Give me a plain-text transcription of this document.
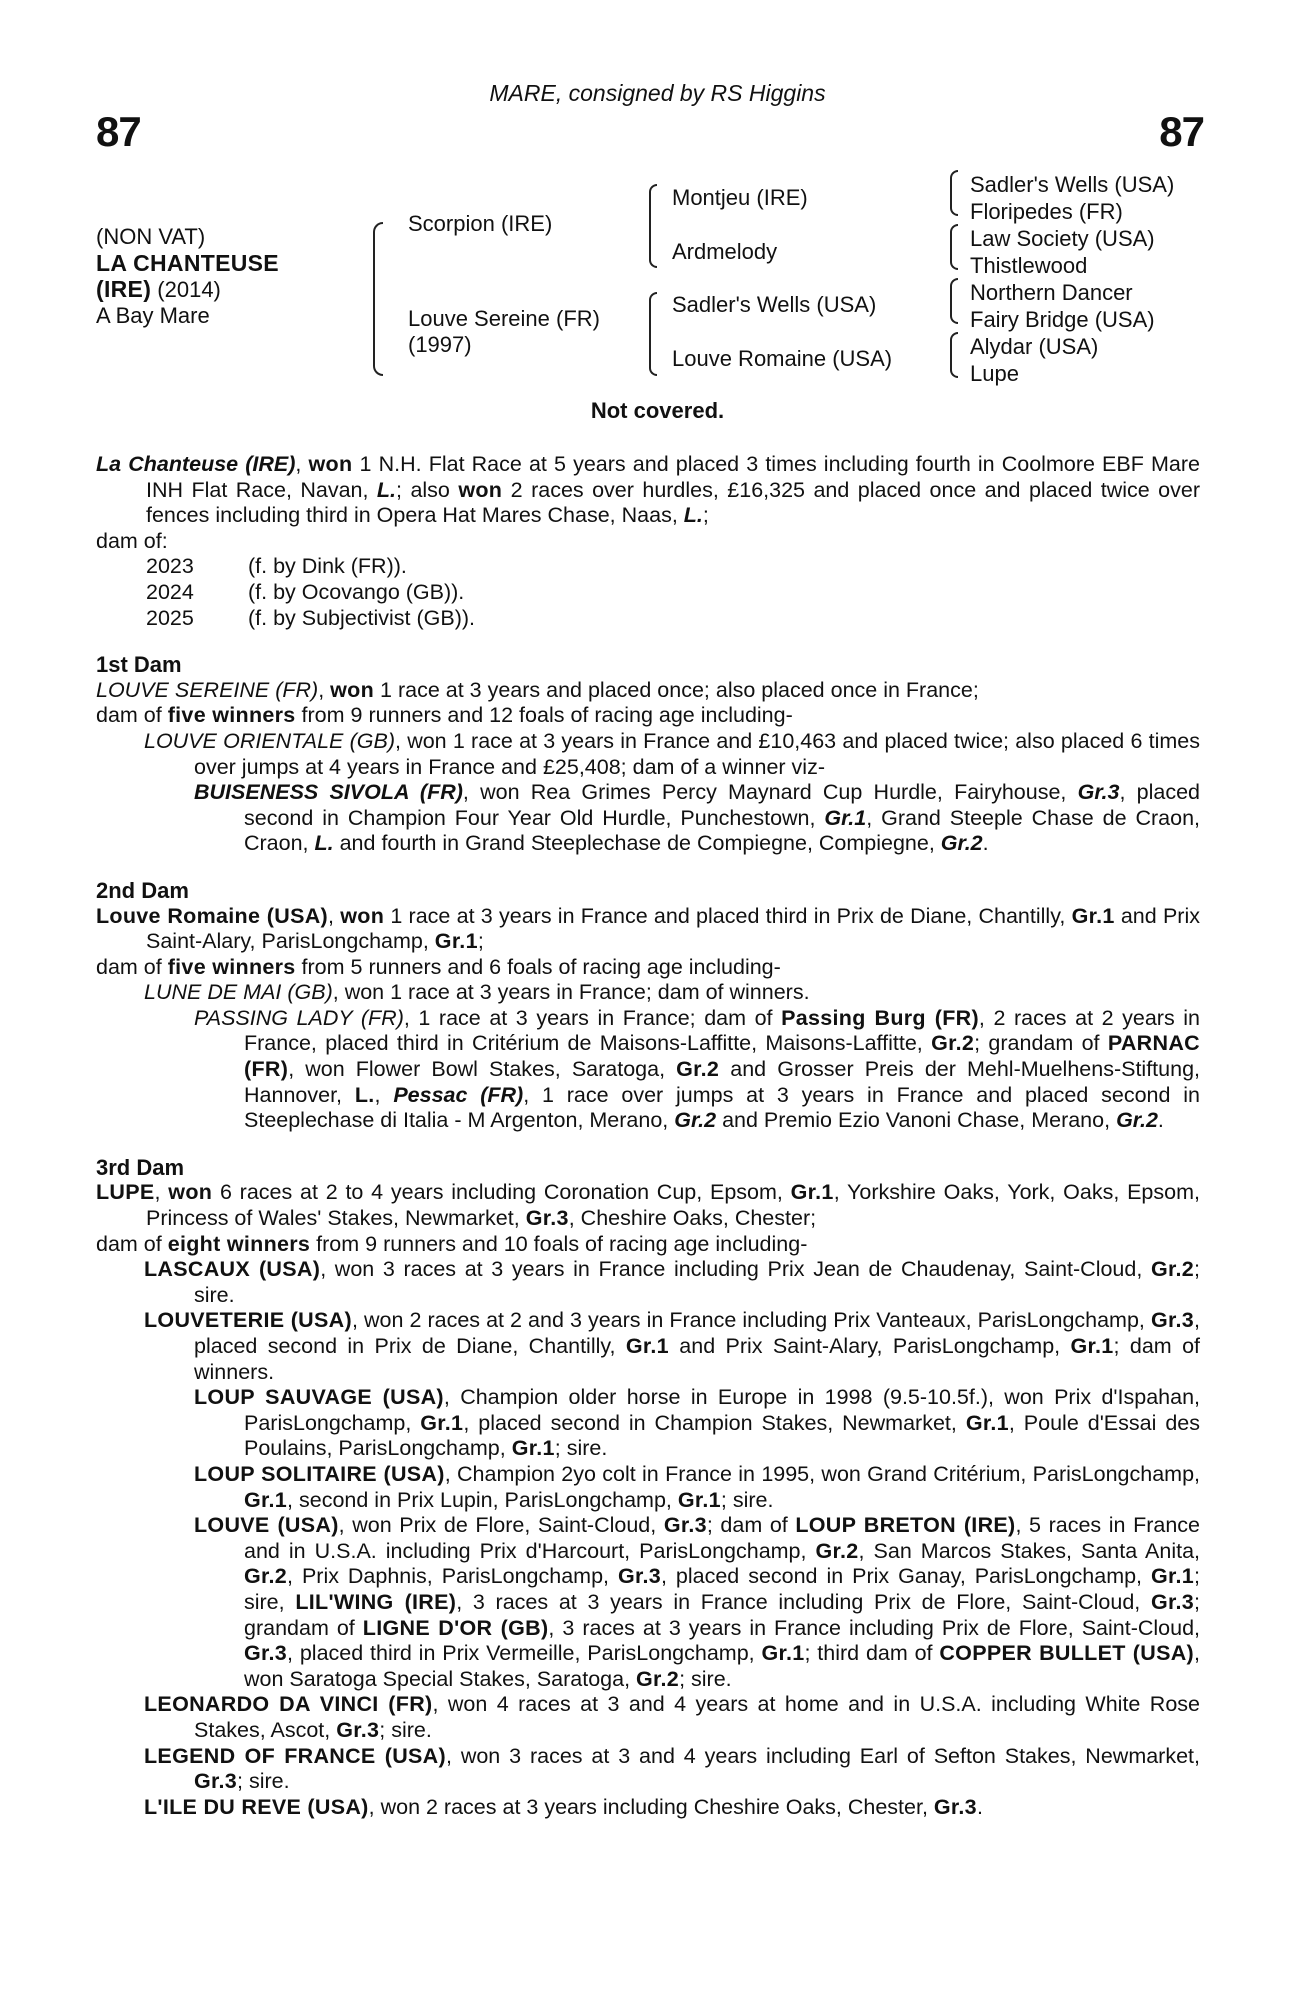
87
MARE, consigned by RS Higgins
87
(NON VAT)
LA CHANTEUSE
(IRE) (2014)
A Bay Mare
Scorpion (IRE)
Louve Sereine (FR)
(1997)
Montjeu (IRE)
Ardmelody
Sadler's Wells (USA)
Louve Romaine (USA)
Sadler's Wells (USA)
Floripedes (FR)
Law Society (USA)
Thistlewood
Northern Dancer
Fairy Bridge (USA)
Alydar (USA)
Lupe
Not covered.

La Chanteuse (IRE), won 1 N.H. Flat Race at 5 years and placed 3 times including fourth in Coolmore EBF Mare INH Flat Race, Navan, L.; also won 2 races over hurdles, £16,325 and placed once and placed twice over fences including third in Opera Hat Mares Chase, Naas, L.;

dam of:
2023	(f. by Dink (FR)).
2024	(f. by Ocovango (GB)).
2025	(f. by Subjectivist (GB)).
1st Dam

LOUVE SEREINE (FR), won 1 race at 3 years and placed once; also placed once in France;

dam of five winners from 9 runners and 12 foals of racing age including-

LOUVE ORIENTALE (GB), won 1 race at 3 years in France and £10,463 and placed twice; also placed 6 times over jumps at 4 years in France and £25,408; dam of a winner viz-

BUISENESS SIVOLA (FR), won Rea Grimes Percy Maynard Cup Hurdle, Fairyhouse, Gr.3, placed second in Champion Four Year Old Hurdle, Punchestown, Gr.1, Grand Steeple Chase de Craon, Craon, L. and fourth in Grand Steeplechase de Compiegne, Compiegne, Gr.2.

2nd Dam

Louve Romaine (USA), won 1 race at 3 years in France and placed third in Prix de Diane, Chantilly, Gr.1 and Prix Saint-Alary, ParisLongchamp, Gr.1;

dam of five winners from 5 runners and 6 foals of racing age including-

LUNE DE MAI (GB), won 1 race at 3 years in France; dam of winners.

PASSING LADY (FR), 1 race at 3 years in France; dam of Passing Burg (FR), 2 races at 2 years in France, placed third in Critérium de Maisons-Laffitte, Maisons-Laffitte, Gr.2; grandam of PARNAC (FR), won Flower Bowl Stakes, Saratoga, Gr.2 and Grosser Preis der Mehl-Muelhens-Stiftung, Hannover, L., Pessac (FR), 1 race over jumps at 3 years in France and placed second in Steeplechase di Italia - M Argenton, Merano, Gr.2 and Premio Ezio Vanoni Chase, Merano, Gr.2.

3rd Dam

LUPE, won 6 races at 2 to 4 years including Coronation Cup, Epsom, Gr.1, Yorkshire Oaks, York, Oaks, Epsom, Princess of Wales' Stakes, Newmarket, Gr.3, Cheshire Oaks, Chester;

dam of eight winners from 9 runners and 10 foals of racing age including-

LASCAUX (USA), won 3 races at 3 years in France including Prix Jean de Chaudenay, Saint-Cloud, Gr.2; sire.

LOUVETERIE (USA), won 2 races at 2 and 3 years in France including Prix Vanteaux, ParisLongchamp, Gr.3, placed second in Prix de Diane, Chantilly, Gr.1 and Prix Saint-Alary, ParisLongchamp, Gr.1; dam of winners.

LOUP SAUVAGE (USA), Champion older horse in Europe in 1998 (9.5-10.5f.), won Prix d'Ispahan, ParisLongchamp, Gr.1, placed second in Champion Stakes, Newmarket, Gr.1, Poule d'Essai des Poulains, ParisLongchamp, Gr.1; sire.

LOUP SOLITAIRE (USA), Champion 2yo colt in France in 1995, won Grand Critérium, ParisLongchamp, Gr.1, second in Prix Lupin, ParisLongchamp, Gr.1; sire.

LOUVE (USA), won Prix de Flore, Saint-Cloud, Gr.3; dam of LOUP BRETON (IRE), 5 races in France and in U.S.A. including Prix d'Harcourt, ParisLongchamp, Gr.2, San Marcos Stakes, Santa Anita, Gr.2, Prix Daphnis, ParisLongchamp, Gr.3, placed second in Prix Ganay, ParisLongchamp, Gr.1; sire, LIL'WING (IRE), 3 races at 3 years in France including Prix de Flore, Saint-Cloud, Gr.3; grandam of LIGNE D'OR (GB), 3 races at 3 years in France including Prix de Flore, Saint-Cloud, Gr.3, placed third in Prix Vermeille, ParisLongchamp, Gr.1; third dam of COPPER BULLET (USA), won Saratoga Special Stakes, Saratoga, Gr.2; sire.

LEONARDO DA VINCI (FR), won 4 races at 3 and 4 years at home and in U.S.A. including White Rose Stakes, Ascot, Gr.3; sire.

LEGEND OF FRANCE (USA), won 3 races at 3 and 4 years including Earl of Sefton Stakes, Newmarket, Gr.3; sire.

L'ILE DU REVE (USA), won 2 races at 3 years including Cheshire Oaks, Chester, Gr.3.
